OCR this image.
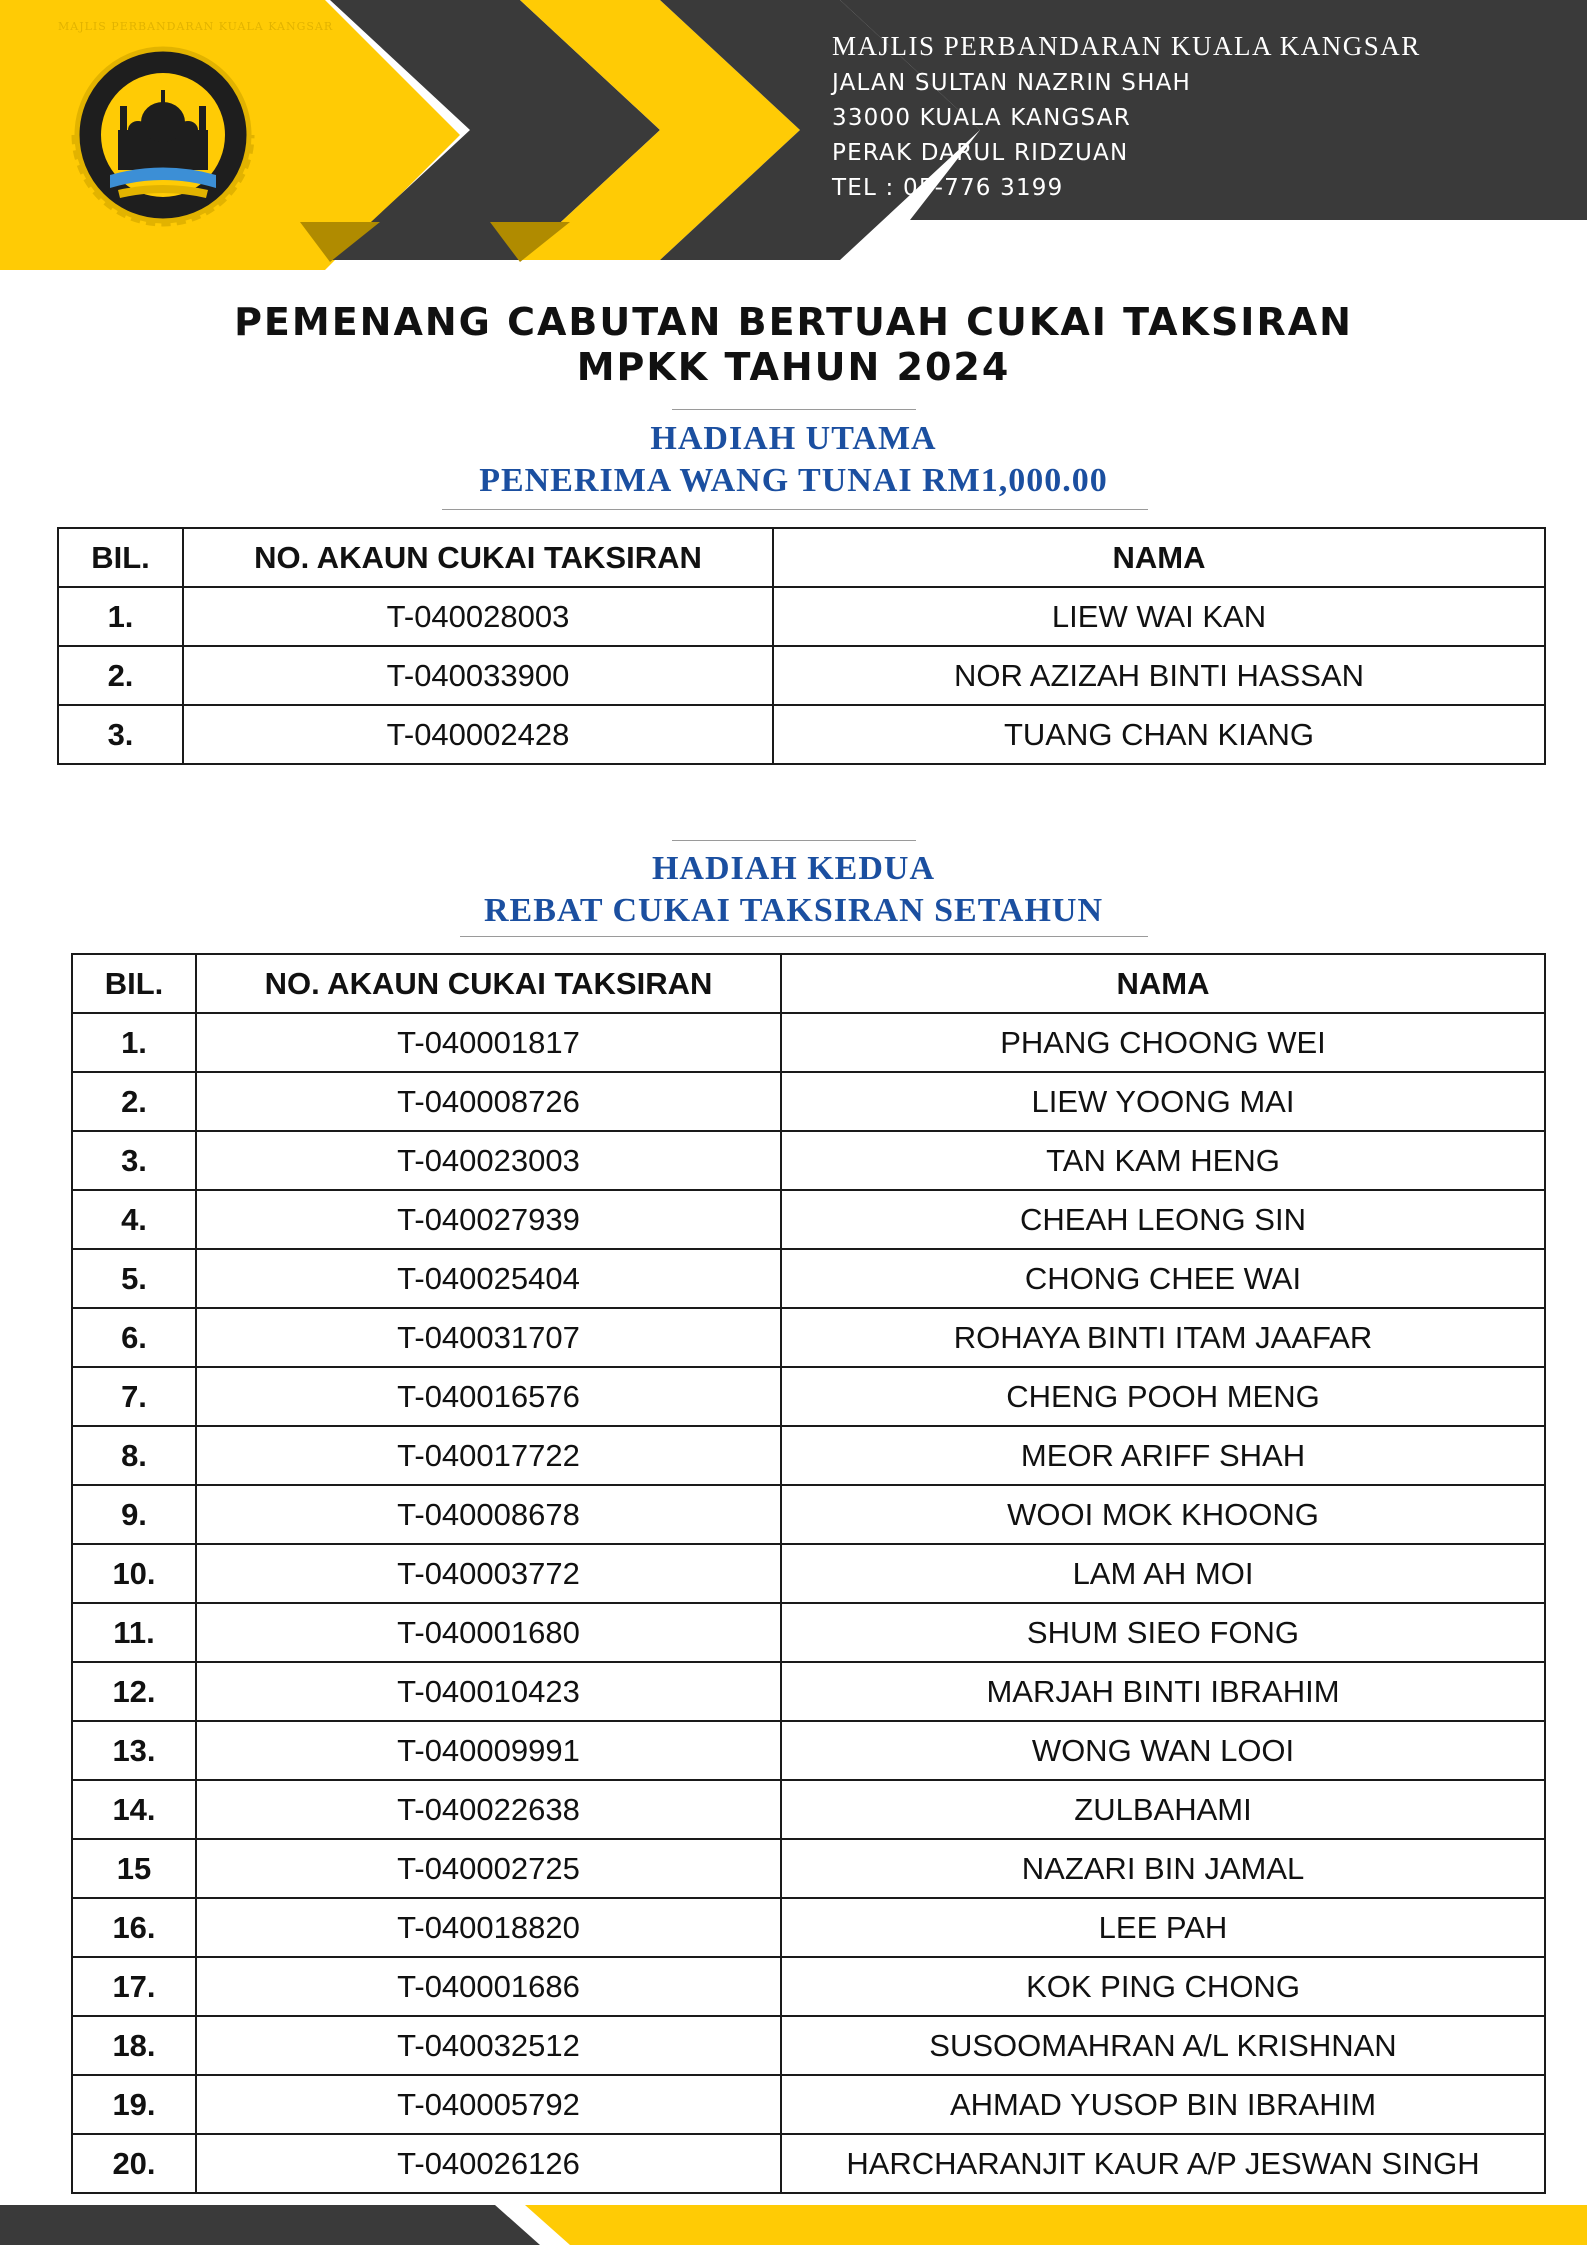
MAJLIS PERBANDARAN KUALA KANGSAR
MAJLIS PERBANDARAN KUALA KANGSAR
JALAN SULTAN NAZRIN SHAH
33000 KUALA KANGSAR
PERAK DARUL RIDZUAN
TEL : 05-776 3199
PEMENANG CABUTAN BERTUAH CUKAI TAKSIRAN
MPKK TAHUN 2024
HADIAH UTAMA
PENERIMA WANG TUNAI RM1,000.00
BIL.	NO. AKAUN CUKAI TAKSIRAN	NAMA
1.	T-040028003	LIEW WAI KAN
2.	T-040033900	NOR AZIZAH BINTI HASSAN
3.	T-040002428	TUANG CHAN KIANG
HADIAH KEDUA
REBAT CUKAI TAKSIRAN SETAHUN
BIL.	NO. AKAUN CUKAI TAKSIRAN	NAMA
1.	T-040001817	PHANG CHOONG WEI
2.	T-040008726	LIEW YOONG MAI
3.	T-040023003	TAN KAM HENG
4.	T-040027939	CHEAH LEONG SIN
5.	T-040025404	CHONG CHEE WAI
6.	T-040031707	ROHAYA BINTI ITAM JAAFAR
7.	T-040016576	CHENG POOH MENG
8.	T-040017722	MEOR ARIFF SHAH
9.	T-040008678	WOOI MOK KHOONG
10.	T-040003772	LAM AH MOI
11.	T-040001680	SHUM SIEO FONG
12.	T-040010423	MARJAH BINTI IBRAHIM
13.	T-040009991	WONG WAN LOOI
14.	T-040022638	ZULBAHAMI
15	T-040002725	NAZARI BIN JAMAL
16.	T-040018820	LEE PAH
17.	T-040001686	KOK PING CHONG
18.	T-040032512	SUSOOMAHRAN A/L KRISHNAN
19.	T-040005792	AHMAD YUSOP BIN IBRAHIM
20.	T-040026126	HARCHARANJIT KAUR A/P JESWAN SINGH
